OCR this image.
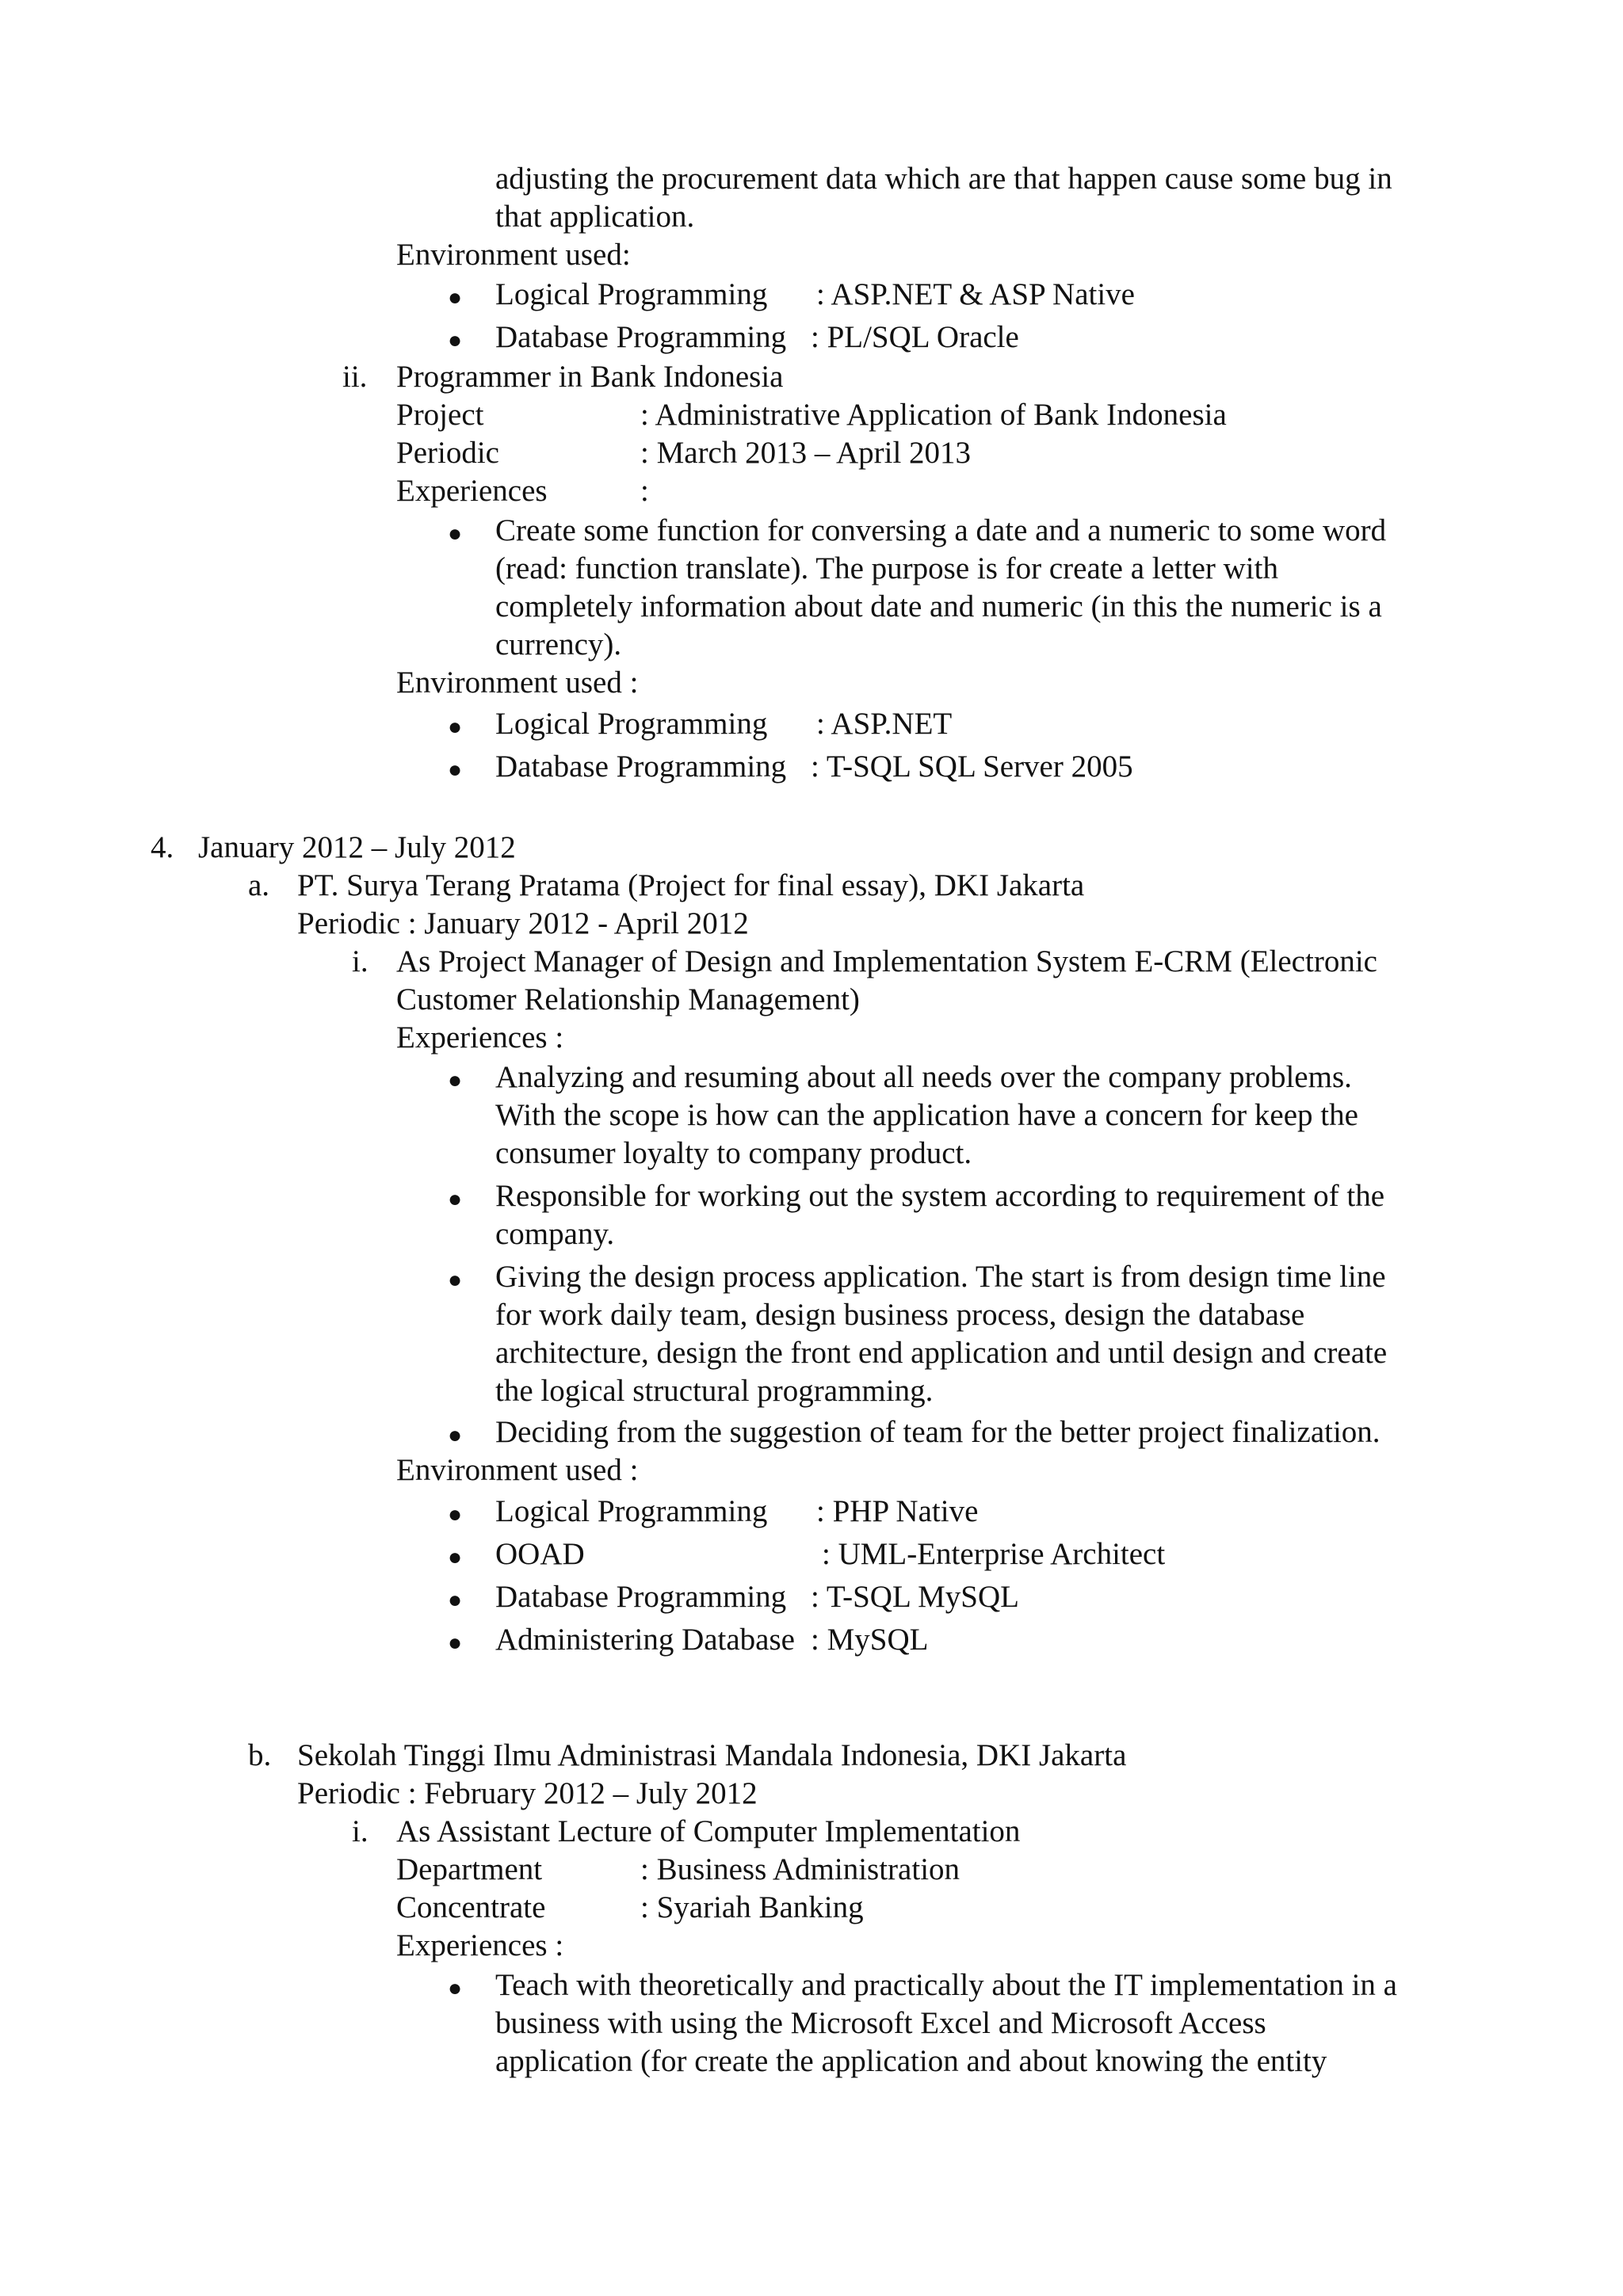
adjusting the procurement data which are that happen cause some bug in
that application.
Environment used:
● Logical Programming : ASP.NET & ASP Native
● Database Programming : PL/SQL Oracle
ii. Programmer in Bank Indonesia
Project	: Administrative Application of Bank Indonesia
Periodic	: March 2013 – April 2013
Experiences	:
● Create some function for conversing a date and a numeric to some word
(read: function translate). The purpose is for create a letter with
completely information about date and numeric (in this the numeric is a
currency).
Environment used :
● Logical Programming : ASP.NET
● Database Programming : T-SQL SQL Server 2005
4. January 2012 – July 2012
a. PT. Surya Terang Pratama (Project for final essay), DKI Jakarta
Periodic : January 2012 - April 2012
i. As Project Manager of Design and Implementation System E-CRM (Electronic
Customer Relationship Management)
Experiences :
● Analyzing and resuming about all needs over the company problems.
With the scope is how can the application have a concern for keep the
consumer loyalty to company product.
● Responsible for working out the system according to requirement of the
company.
● Giving the design process application. The start is from design time line
for work daily team, design business process, design the database
architecture, design the front end application and until design and create
the logical structural programming.
● Deciding from the suggestion of team for the better project finalization.
Environment used :
● Logical Programming : PHP Native
● OOAD	: UML-Enterprise Architect
● Database Programming : T-SQL MySQL
● Administering Database : MySQL
b. Sekolah Tinggi Ilmu Administrasi Mandala Indonesia, DKI Jakarta
Periodic : February 2012 – July 2012
i. As Assistant Lecture of Computer Implementation
Department	: Business Administration
Concentrate	: Syariah Banking
Experiences :
● Teach with theoretically and practically about the IT implementation in a
business with using the Microsoft Excel and Microsoft Access
application (for create the application and about knowing the entity
